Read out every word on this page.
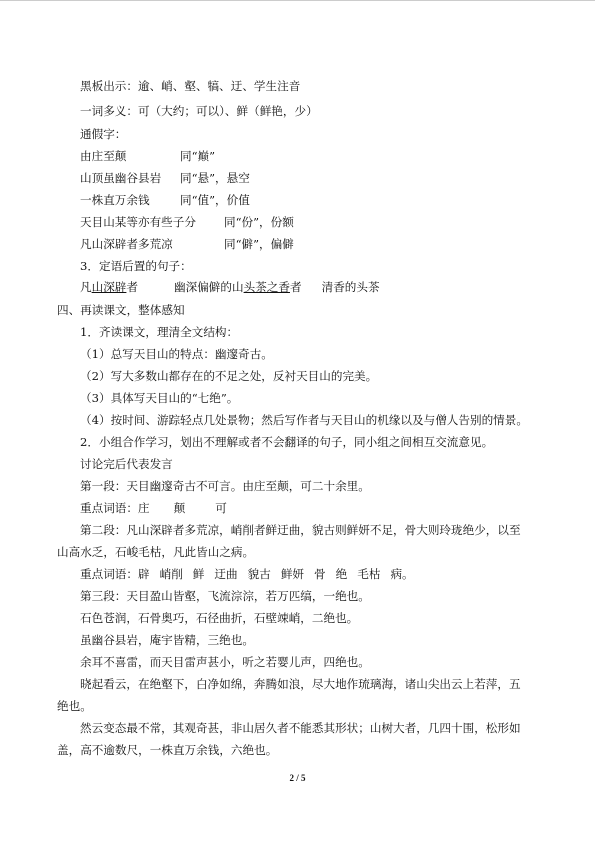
黑板出示：逾、峭、壑、犒、迂、学生注音
一词多义：可（大约；可以）、鲜（鲜艳，少）
通假字：
由庄至颠	同“巅”
山顶虽幽谷县岩 同“悬”，悬空
一株直万余钱	同“值”，价值
天目山某等亦有些子分 同“份”，份额
凡山深辟者多荒凉	同“僻”，偏僻
3．定语后置的句子：
凡山深辟者	幽深偏僻的山头茶之香者 清香的头茶
四、再读课文，整体感知
1．齐读课文，理清全文结构：
（1）总写天目山的特点：幽邃奇古。
（2）写大多数山都存在的不足之处，反衬天目山的完美。
（3）具体写天目山的“七绝”。
（4）按时间、游踪轻点几处景物；然后写作者与天目山的机缘以及与僧人告别的情景。
2．小组合作学习，划出不理解或者不会翻译的句子，同小组之间相互交流意见。
讨论完后代表发言
第一段：天目幽邃奇古不可言。由庄至颠，可二十余里。
重点词语：庄 颠	可
第二段：凡山深辟者多荒凉，峭削者鲜迂曲，貌古则鲜妍不足，骨大则玲珑绝少，以至
山高水乏，石峻毛枯，凡此皆山之病。
重点词语：辟 峭削 鲜 迂曲 貌古 鲜妍 骨 绝 毛枯 病。
第三段：天目盈山皆壑，飞流淙淙，若万匹缟，一绝也。
石色苍润，石骨奥巧，石径曲折，石壁竦峭，二绝也。
虽幽谷县岩，庵宇皆精，三绝也。
余耳不喜雷，而天目雷声甚小，听之若婴儿声，四绝也。
晓起看云，在绝壑下，白净如绵，奔腾如浪，尽大地作琉璃海，诸山尖出云上若萍，五
绝也。
然云变态最不常，其观奇甚，非山居久者不能悉其形状；山树大者，几四十围，松形如
盖，高不逾数尺，一株直万余钱，六绝也。
2 / 5
